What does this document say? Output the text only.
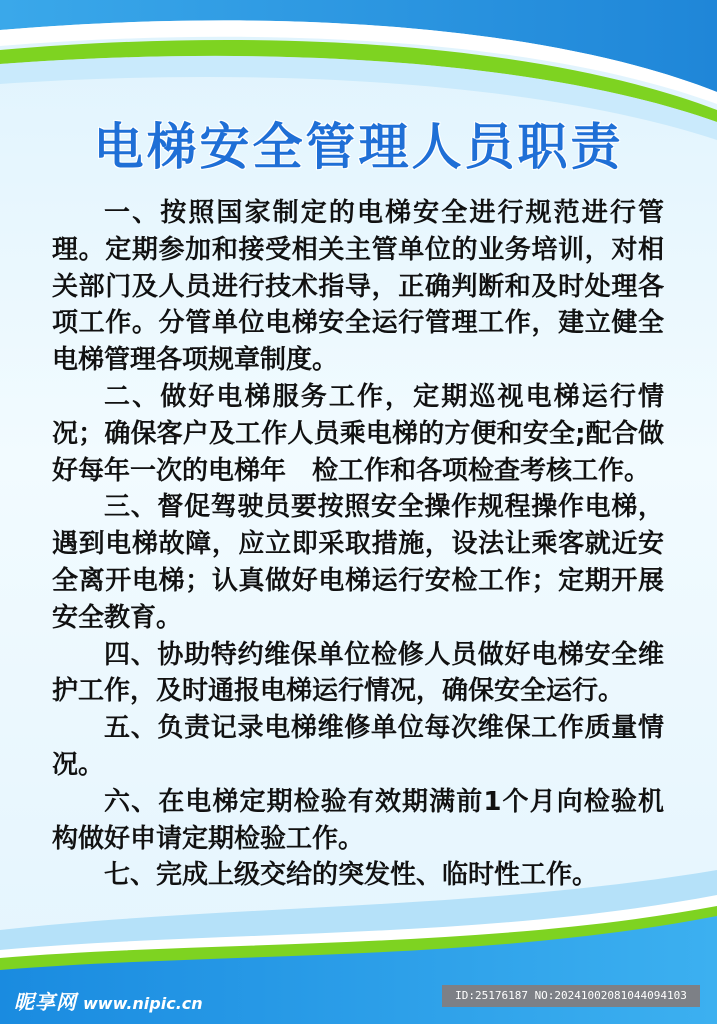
电梯安全管理人员职责

一、按照国家制定的电梯安全进行规范进行管理。定期参加和接受相关主管单位的业务培训，对相关部门及人员进行技术指导，正确判断和及时处理各项工作。分管单位电梯安全运行管理工作，建立健全电梯管理各项规章制度。

二、做好电梯服务工作，定期巡视电梯运行情况；确保客户及工作人员乘电梯的方便和安全;配合做好每年一次的电梯年　检工作和各项检查考核工作。

三、督促驾驶员要按照安全操作规程操作电梯，遇到电梯故障，应立即采取措施，设法让乘客就近安全离开电梯；认真做好电梯运行安检工作；定期开展安全教育。

四、协助特约维保单位检修人员做好电梯安全维护工作，及时通报电梯运行情况，确保安全运行。

五、负责记录电梯维修单位每次维保工作质量情况。

六、在电梯定期检验有效期满前1个月向检验机构做好申请定期检验工作。

七、完成上级交给的突发性、临时性工作。

昵享网 www.nipic.cn	ID:25176187 NO:20241002081044094103
